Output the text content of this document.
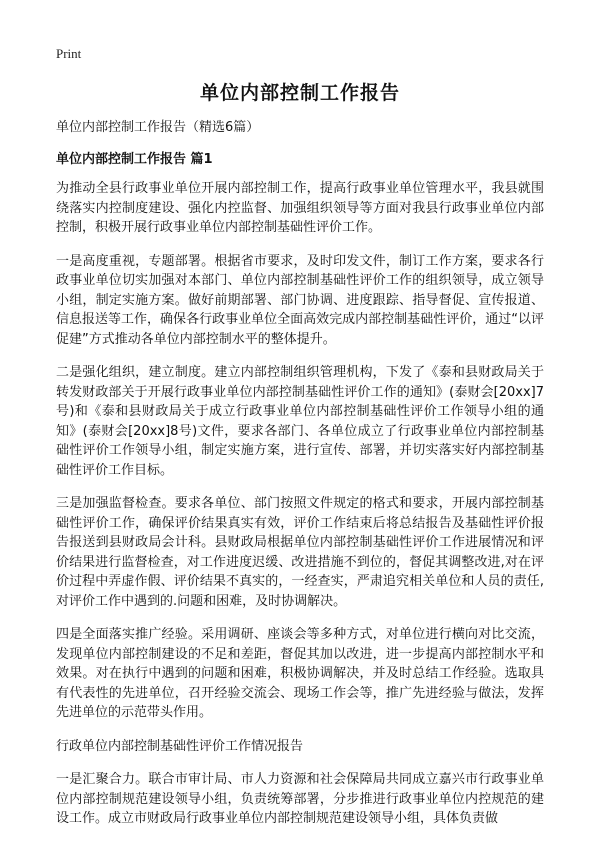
Print
单位内部控制工作报告

单位内部控制工作报告（精选6篇）

单位内部控制工作报告 篇1

为推动全县行政事业单位开展内部控制工作，提高行政事业单位管理水平，我县就围绕落实内控制度建设、强化内控监督、加强组织领导等方面对我县行政事业单位内部控制，积极开展行政事业单位内部控制基础性评价工作。

一是高度重视，专题部署。根据省市要求，及时印发文件，制订工作方案，要求各行政事业单位切实加强对本部门、单位内部控制基础性评价工作的组织领导，成立领导小组，制定实施方案。做好前期部署、部门协调、进度跟踪、指导督促、宣传报道、信息报送等工作，确保各行政事业单位全面高效完成内部控制基础性评价，通过“以评促建”方式推动各单位内部控制水平的整体提升。

二是强化组织，建立制度。建立内部控制组织管理机构，下发了《泰和县财政局关于转发财政部关于开展行政事业单位内部控制基础性评价工作的通知》(泰财会[20xx]7号)和《泰和县财政局关于成立行政事业单位内部控制基础性评价工作领导小组的通知》(泰财会[20xx]8号)文件，要求各部门、各单位成立了行政事业单位内部控制基础性评价工作领导小组，制定实施方案，进行宣传、部署，并切实落实好内部控制基础性评价工作目标。

三是加强监督检查。要求各单位、部门按照文件规定的格式和要求，开展内部控制基础性评价工作，确保评价结果真实有效，评价工作结束后将总结报告及基础性评价报告报送到县财政局会计科。县财政局根据单位内部控制基础性评价工作进展情况和评价结果进行监督检查，对工作进度迟缓、改进措施不到位的，督促其调整改进,对在评价过程中弄虚作假、评价结果不真实的，一经查实，严肃追究相关单位和人员的责任,对评价工作中遇到的.问题和困难，及时协调解决。

四是全面落实推广经验。采用调研、座谈会等多种方式，对单位进行横向对比交流，发现单位内部控制建设的不足和差距，督促其加以改进，进一步提高内部控制水平和效果。对在执行中遇到的问题和困难，积极协调解决，并及时总结工作经验。选取具有代表性的先进单位，召开经验交流会、现场工作会等，推广先进经验与做法，发挥先进单位的示范带头作用。

行政单位内部控制基础性评价工作情况报告

一是汇聚合力。联合市审计局、市人力资源和社会保障局共同成立嘉兴市行政事业单位内部控制规范建设领导小组，负责统筹部署，分步推进行政事业单位内控规范的建设工作。成立市财政局行政事业单位内部控制规范建设领导小组，具体负责做
